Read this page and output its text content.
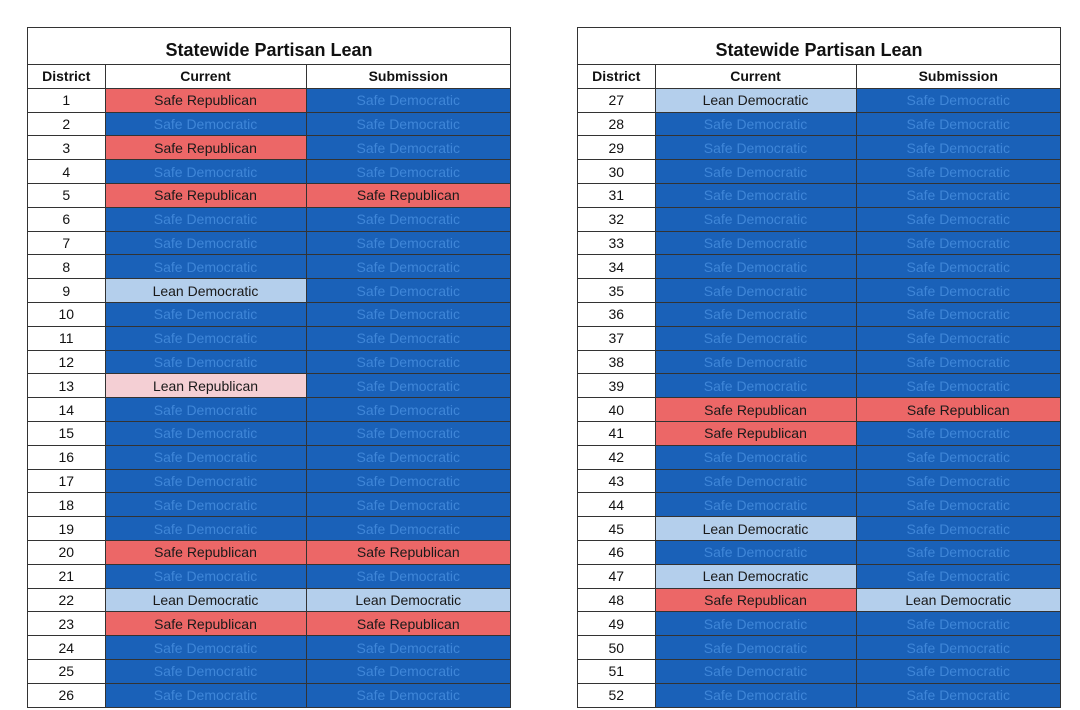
Statewide Partisan Lean
District	Current	Submission
1	Safe Republican	Safe Democratic
2	Safe Democratic	Safe Democratic
3	Safe Republican	Safe Democratic
4	Safe Democratic	Safe Democratic
5	Safe Republican	Safe Republican
6	Safe Democratic	Safe Democratic
7	Safe Democratic	Safe Democratic
8	Safe Democratic	Safe Democratic
9	Lean Democratic	Safe Democratic
10	Safe Democratic	Safe Democratic
11	Safe Democratic	Safe Democratic
12	Safe Democratic	Safe Democratic
13	Lean Republican	Safe Democratic
14	Safe Democratic	Safe Democratic
15	Safe Democratic	Safe Democratic
16	Safe Democratic	Safe Democratic
17	Safe Democratic	Safe Democratic
18	Safe Democratic	Safe Democratic
19	Safe Democratic	Safe Democratic
20	Safe Republican	Safe Republican
21	Safe Democratic	Safe Democratic
22	Lean Democratic	Lean Democratic
23	Safe Republican	Safe Republican
24	Safe Democratic	Safe Democratic
25	Safe Democratic	Safe Democratic
26	Safe Democratic	Safe Democratic
Statewide Partisan Lean
District	Current	Submission
27	Lean Democratic	Safe Democratic
28	Safe Democratic	Safe Democratic
29	Safe Democratic	Safe Democratic
30	Safe Democratic	Safe Democratic
31	Safe Democratic	Safe Democratic
32	Safe Democratic	Safe Democratic
33	Safe Democratic	Safe Democratic
34	Safe Democratic	Safe Democratic
35	Safe Democratic	Safe Democratic
36	Safe Democratic	Safe Democratic
37	Safe Democratic	Safe Democratic
38	Safe Democratic	Safe Democratic
39	Safe Democratic	Safe Democratic
40	Safe Republican	Safe Republican
41	Safe Republican	Safe Democratic
42	Safe Democratic	Safe Democratic
43	Safe Democratic	Safe Democratic
44	Safe Democratic	Safe Democratic
45	Lean Democratic	Safe Democratic
46	Safe Democratic	Safe Democratic
47	Lean Democratic	Safe Democratic
48	Safe Republican	Lean Democratic
49	Safe Democratic	Safe Democratic
50	Safe Democratic	Safe Democratic
51	Safe Democratic	Safe Democratic
52	Safe Democratic	Safe Democratic
